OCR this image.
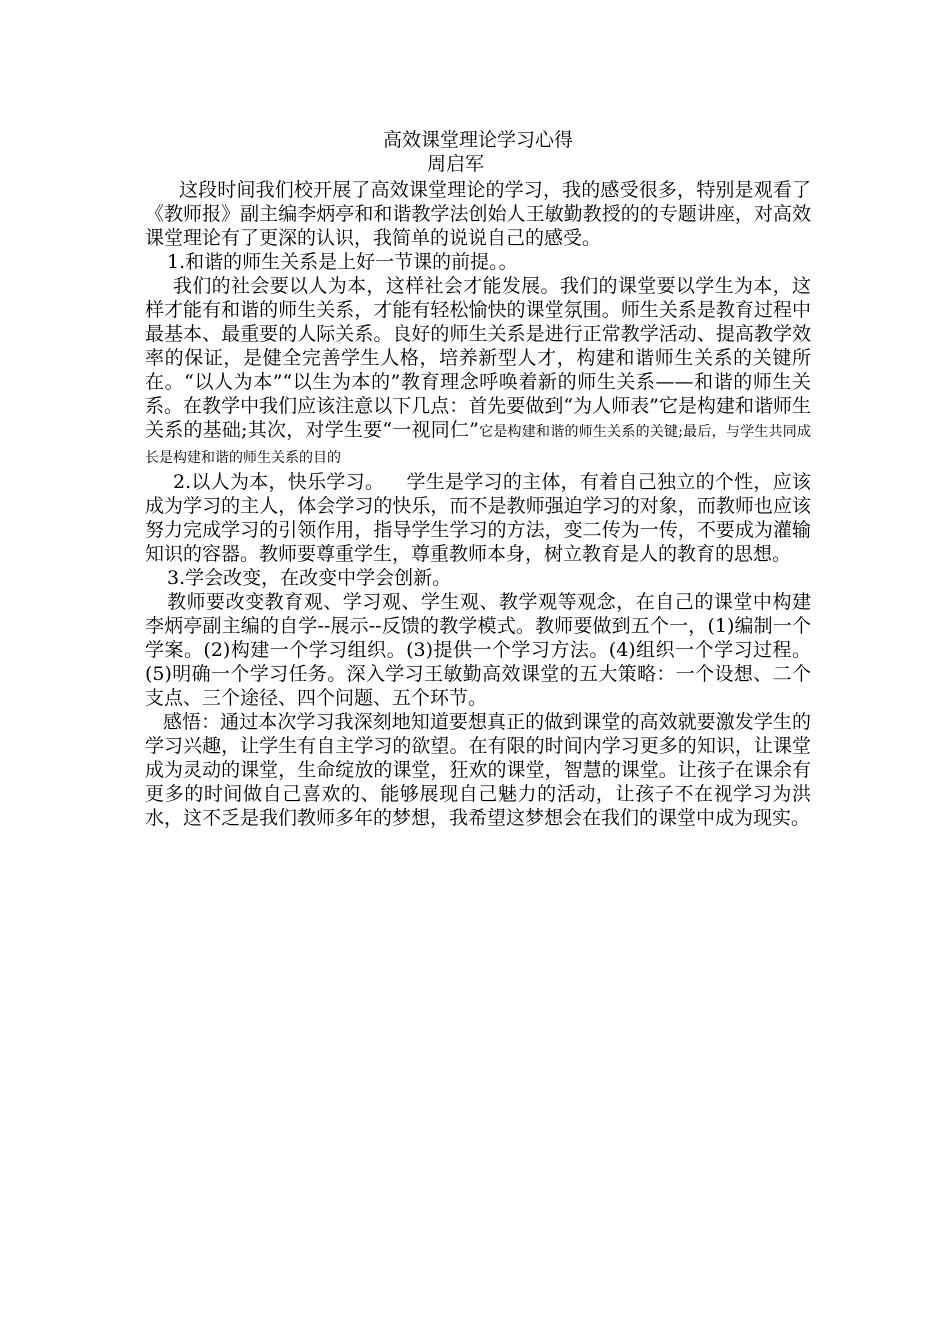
高效课堂理论学习心得
周启军

这段时间我们校开展了高效课堂理论的学习，我的感受很多，特别是观看了《教师报》副主编李炳亭和和谐教学法创始人王敏勤教授的的专题讲座，对高效课堂理论有了更深的认识，我简单的说说自己的感受。

1.和谐的师生关系是上好一节课的前提。。

我们的社会要以人为本，这样社会才能发展。我们的课堂要以学生为本，这样才能有和谐的师生关系，才能有轻松愉快的课堂氛围。师生关系是教育过程中最基本、最重要的人际关系。良好的师生关系是进行正常教学活动、提高教学效率的保证，是健全完善学生人格，培养新型人才，构建和谐师生关系的关键所在。“以人为本”“以生为本的”教育理念呼唤着新的师生关系——和谐的师生关系。在教学中我们应该注意以下几点：首先要做到“为人师表”它是构建和谐师生关系的基础;其次，对学生要“一视同仁”它是构建和谐的师生关系的关键;最后，与学生共同成长是构建和谐的师生关系的目的

2.以人为本，快乐学习。 学生是学习的主体，有着自己独立的个性，应该成为学习的主人，体会学习的快乐，而不是教师强迫学习的对象，而教师也应该努力完成学习的引领作用，指导学生学习的方法，变二传为一传，不要成为灌输知识的容器。教师要尊重学生，尊重教师本身，树立教育是人的教育的思想。

3.学会改变，在改变中学会创新。

教师要改变教育观、学习观、学生观、教学观等观念，在自己的课堂中构建李炳亭副主编的自学--展示--反馈的教学模式。教师要做到五个一，(1)编制一个学案。(2)构建一个学习组织。(3)提供一个学习方法。(4)组织一个学习过程。(5)明确一个学习任务。深入学习王敏勤高效课堂的五大策略：一个设想、二个支点、三个途径、四个问题、五个环节。

感悟：通过本次学习我深刻地知道要想真正的做到课堂的高效就要激发学生的学习兴趣，让学生有自主学习的欲望。在有限的时间内学习更多的知识，让课堂成为灵动的课堂，生命绽放的课堂，狂欢的课堂，智慧的课堂。让孩子在课余有更多的时间做自己喜欢的、能够展现自己魅力的活动，让孩子不在视学习为洪水，这不乏是我们教师多年的梦想，我希望这梦想会在我们的课堂中成为现实。
